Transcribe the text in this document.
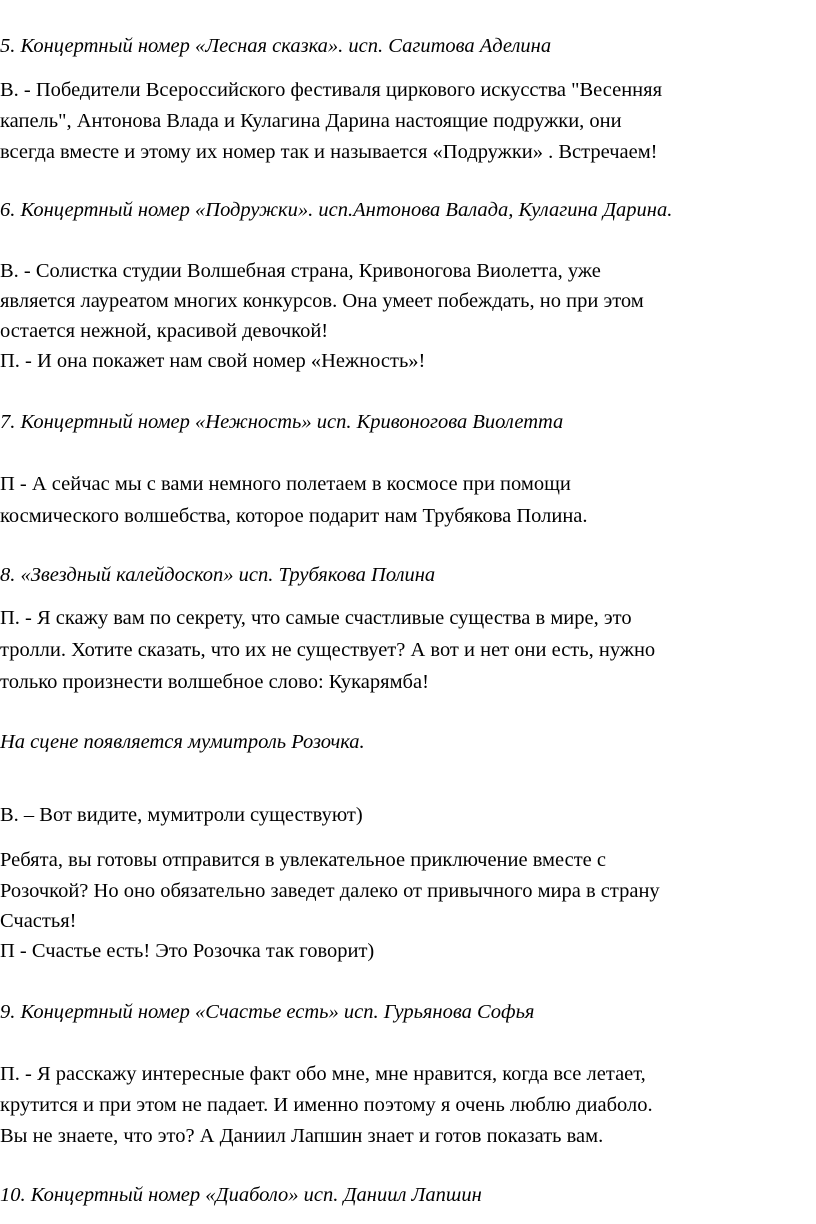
5. Концертный номер «Лесная сказка». исп. Сагитова Аделина
В. - Победители Всероссийского фестиваля циркового искусства "Весенняя
капель", Антонова Влада и Кулагина Дарина настоящие подружки, они
всегда вместе и этому их номер так и называется «Подружки» . Встречаем!
6. Концертный номер «Подружки». исп.Антонова Валада, Кулагина Дарина.
В. - Солистка студии Волшебная страна, Кривоногова Виолетта, уже
является лауреатом многих конкурсов. Она умеет побеждать, но при этом
остается нежной, красивой девочкой!
П. - И она покажет нам свой номер «Нежность»!
7. Концертный номер «Нежность» исп. Кривоногова Виолетта
П - А сейчас мы с вами немного полетаем в космосе при помощи
космического волшебства, которое подарит нам Трубякова Полина.
8. «Звездный калейдоскоп» исп. Трубякова Полина
П. - Я скажу вам по секрету, что самые счастливые существа в мире, это
тролли. Хотите сказать, что их не существует? А вот и нет они есть, нужно
только произнести волшебное слово: Кукарямба!
На сцене появляется мумитроль Розочка.
В. – Вот видите, мумитроли существуют)
Ребята, вы готовы отправится в увлекательное приключение вместе с
Розочкой? Но оно обязательно заведет далеко от привычного мира в страну
Счастья!
П - Счастье есть! Это Розочка так говорит)
9. Концертный номер «Счастье есть» исп. Гурьянова Софья
П. - Я расскажу интересные факт обо мне, мне нравится, когда все летает,
крутится и при этом не падает. И именно поэтому я очень люблю диаболо.
Вы не знаете, что это? А Даниил Лапшин знает и готов показать вам.
10. Концертный номер «Диаболо» исп. Даниил Лапшин
